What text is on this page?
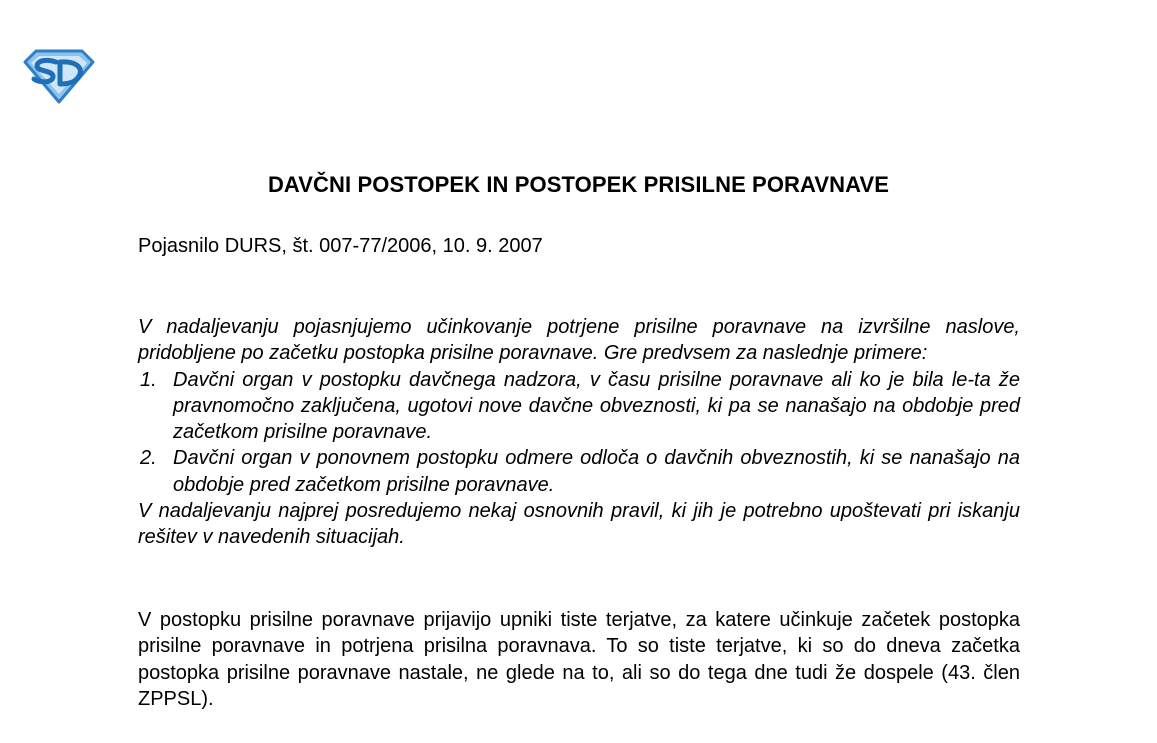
DAVČNI POSTOPEK IN POSTOPEK PRISILNE PORAVNAVE
Pojasnilo DURS, št. 007-77/2006, 10. 9. 2007
V nadaljevanju pojasnjujemo učinkovanje potrjene prisilne poravnave na izvršilne naslove, pridobljene po začetku postopka prisilne poravnave. Gre predvsem za naslednje primere:
1. Davčni organ v postopku davčnega nadzora, v času prisilne poravnave ali ko je bila le-ta že pravnomočno zaključena, ugotovi nove davčne obveznosti, ki pa se nanašajo na obdobje pred začetkom prisilne poravnave.
2. Davčni organ v ponovnem postopku odmere odloča o davčnih obveznostih, ki se nanašajo na obdobje pred začetkom prisilne poravnave.
V nadaljevanju najprej posredujemo nekaj osnovnih pravil, ki jih je potrebno upoštevati pri iskanju rešitev v navedenih situacijah.
V postopku prisilne poravnave prijavijo upniki tiste terjatve, za katere učinkuje začetek postopka prisilne poravnave in potrjena prisilna poravnava. To so tiste terjatve, ki so do dneva začetka postopka prisilne poravnave nastale, ne glede na to, ali so do tega dne tudi že dospele (43. člen ZPPSL).
